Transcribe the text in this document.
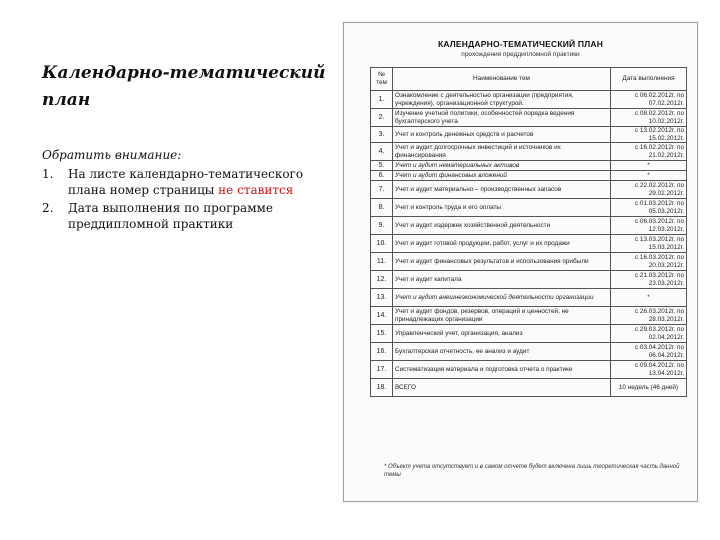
Календарно-тематический план
Обратить внимание:
1.	На листе календарно-тематического плана номер страницы не ставится
2.	Дата выполнения по программе преддипломной практики
КАЛЕНДАРНО-ТЕМАТИЧЕСКИЙ ПЛАН
прохождения преддипломной практики
№ тем	Наименование тем	Дата выполнения
1.	Ознакомление с деятельностью организации (предприятия, учреждения), организационной структурой.	с 06.02.2012г. по 07.02.2012г.
2.	Изучение учетной политики, особенностей порядка ведения бухгалтерского учета	с 08.02.2012г. по 10.02.2012г.
3.	Учет и контроль денежных средств и расчетов	с 13.02.2012г. по 15.02.2012г.
4.	Учет и аудит долгосрочных инвестиций и источников их финансирования	с 16.02.2012г. по 21.02.2012г.
5.	Учет и аудит нематериальных активов	*
6.	Учет и аудит финансовых вложений	*
7.	Учет и аудит материально – производственных запасов	с 22.02.2012г. по 29.02.2012г.
8.	Учет и контроль труда и его оплаты	с 01.03.2012г. по 05.03.2012г.
9.	Учет и аудит издержек хозяйственной деятельности	с 06.03.2012г. по 12.03.2012г.
10.	Учет и аудит готовой продукции, работ, услуг и их продажи	с 13.03.2012г. по 15.03.2012г.
11.	Учет и аудит финансовых результатов и использования прибыли	с 16.03.2012г. по 20.03.2012г.
12.	Учет и аудит капитала	с 21.03.2012г. по 23.03.2012г.
13.	Учет и аудит внешнеэкономической деятельности организации	*
14.	Учет и аудит фондов, резервов, операций и ценностей, не принадлежащих организации	с 26.03.2012г. по 28.03.2012г.
15.	Управленческий учет, организация, анализ	с 29.03.2012г. по 02.04.2012г.
16.	Бухгалтерская отчетность, ее анализ и аудит	с 03.04.2012г. по 06.04.2012г.
17.	Систематизация материала и подготовка отчета о практике	с 09.04.2012г. по 13.04.2012г.
18.	ВСЕГО	10 недель (46 дней)
* Объект учета отсутствует и в самом отчете будет включена лишь теоретическая часть данной темы
